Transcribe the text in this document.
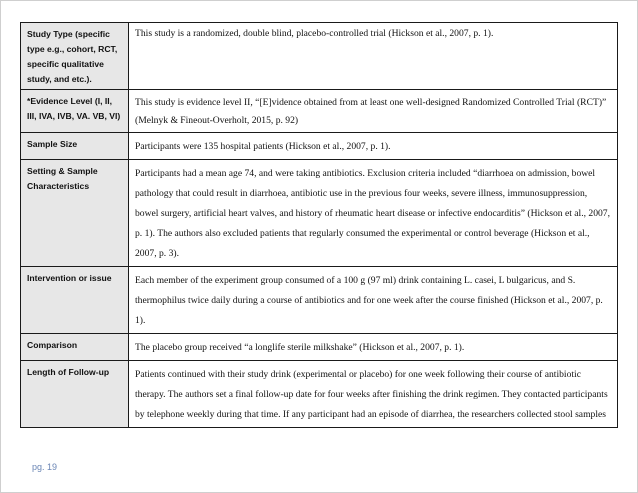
Study Type (specific type e.g., cohort, RCT, specific qualitative study, and etc.).	This study is a randomized, double blind, placebo-controlled trial (Hickson et al., 2007, p. 1).
*Evidence Level (I, II, III, IVA, IVB, VA. VB, VI)	This study is evidence level II, “[E]vidence obtained from at least one well-designed Randomized Controlled Trial (RCT)”
(Melnyk & Fineout-Overholt, 2015, p. 92)

Sample Size	Participants were 135 hospital patients (Hickson et al., 2007, p. 1).
Setting & Sample Characteristics	Participants had a mean age 74, and were taking antibiotics. Exclusion criteria included “diarrhoea on admission, bowel pathology that could result in diarrhoea, antibiotic use in the previous four weeks, severe illness, immunosuppression, bowel surgery, artificial heart valves, and history of rheumatic heart disease or infective endocarditis” (Hickson et al., 2007, p. 1). The authors also excluded patients that regularly consumed the experimental or control beverage (Hickson et al., 2007, p. 3).
Intervention or issue	Each member of the experiment group consumed of a 100 g (97 ml) drink containing L. casei, L bulgaricus, and S. thermophilus twice daily during a course of antibiotics and for one week after the course finished (Hickson et al., 2007, p. 1).
Comparison	The placebo group received “a longlife sterile milkshake” (Hickson et al., 2007, p. 1).
Length of Follow-up	Patients continued with their study drink (experimental or placebo) for one week following their course of antibiotic therapy. The authors set a final follow-up date for four weeks after finishing the drink regimen. They contacted participants by telephone weekly during that time. If any participant had an episode of diarrhea, the researchers collected stool samples
pg. 19
